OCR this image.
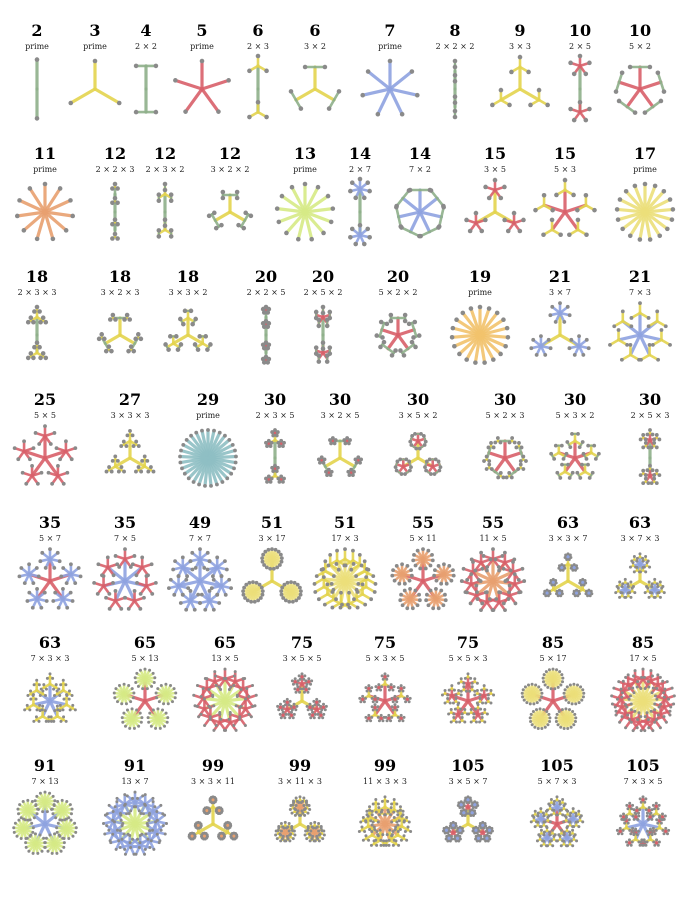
2
prime
3
prime
4
2 × 2
5
prime
6
2 × 3
6
3 × 2
7
prime
8
2 × 2 × 2
9
3 × 3
10
2 × 5
10
5 × 2
11
prime
12
2 × 2 × 3
12
2 × 3 × 2
12
3 × 2 × 2
13
prime
14
2 × 7
14
7 × 2
15
3 × 5
15
5 × 3
17
prime
18
2 × 3 × 3
18
3 × 2 × 3
18
3 × 3 × 2
20
2 × 2 × 5
20
2 × 5 × 2
20
5 × 2 × 2
19
prime
21
3 × 7
21
7 × 3
25
5 × 5
27
3 × 3 × 3
29
prime
30
2 × 3 × 5
30
3 × 2 × 5
30
3 × 5 × 2
30
5 × 2 × 3
30
5 × 3 × 2
30
2 × 5 × 3
35
5 × 7
35
7 × 5
49
7 × 7
51
3 × 17
51
17 × 3
55
5 × 11
55
11 × 5
63
3 × 3 × 7
63
3 × 7 × 3
63
7 × 3 × 3
65
5 × 13
65
13 × 5
75
3 × 5 × 5
75
5 × 3 × 5
75
5 × 5 × 3
85
5 × 17
85
17 × 5
91
7 × 13
91
13 × 7
99
3 × 3 × 11
99
3 × 11 × 3
99
11 × 3 × 3
105
3 × 5 × 7
105
5 × 7 × 3
105
7 × 3 × 5
